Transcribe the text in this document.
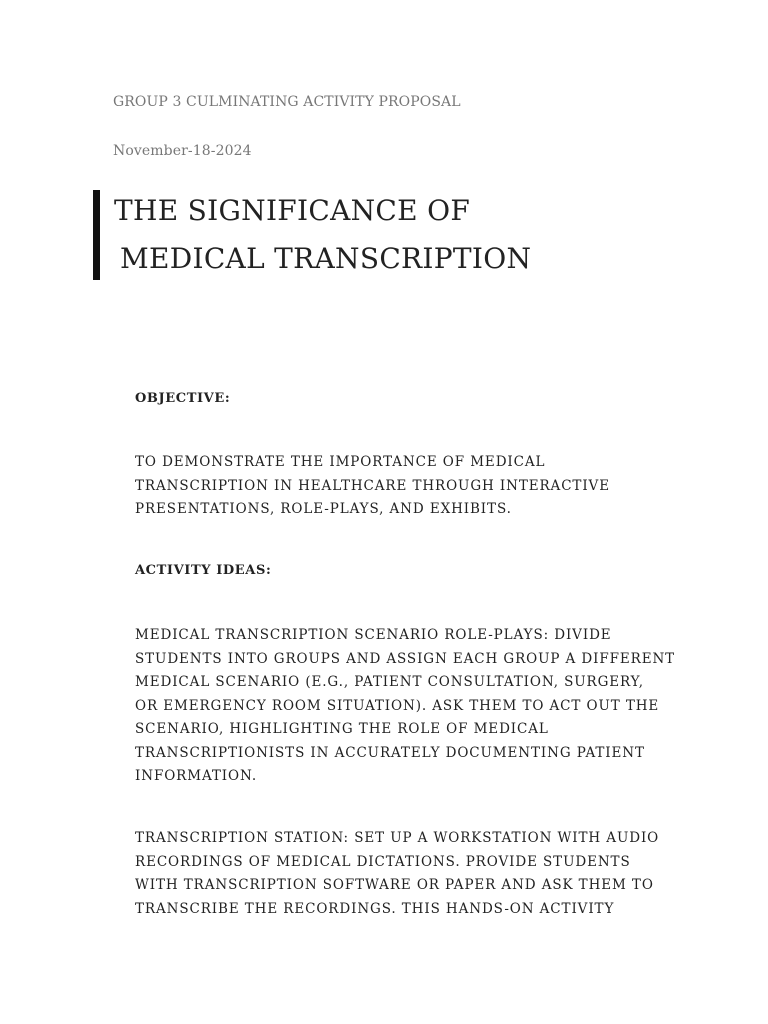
GROUP 3 CULMINATING ACTIVITY PROPOSAL
November-18-2024
THE SIGNIFICANCE OF
MEDICAL TRANSCRIPTION
OBJECTIVE:

TO DEMONSTRATE THE IMPORTANCE OF MEDICAL
TRANSCRIPTION IN HEALTHCARE THROUGH INTERACTIVE
PRESENTATIONS, ROLE-PLAYS, AND EXHIBITS.

ACTIVITY IDEAS:

MEDICAL TRANSCRIPTION SCENARIO ROLE-PLAYS: DIVIDE
STUDENTS INTO GROUPS AND ASSIGN EACH GROUP A DIFFERENT
MEDICAL SCENARIO (E.G., PATIENT CONSULTATION, SURGERY,
OR EMERGENCY ROOM SITUATION). ASK THEM TO ACT OUT THE
SCENARIO, HIGHLIGHTING THE ROLE OF MEDICAL
TRANSCRIPTIONISTS IN ACCURATELY DOCUMENTING PATIENT
INFORMATION.

TRANSCRIPTION STATION: SET UP A WORKSTATION WITH AUDIO
RECORDINGS OF MEDICAL DICTATIONS. PROVIDE STUDENTS
WITH TRANSCRIPTION SOFTWARE OR PAPER AND ASK THEM TO
TRANSCRIBE THE RECORDINGS. THIS HANDS-ON ACTIVITY
